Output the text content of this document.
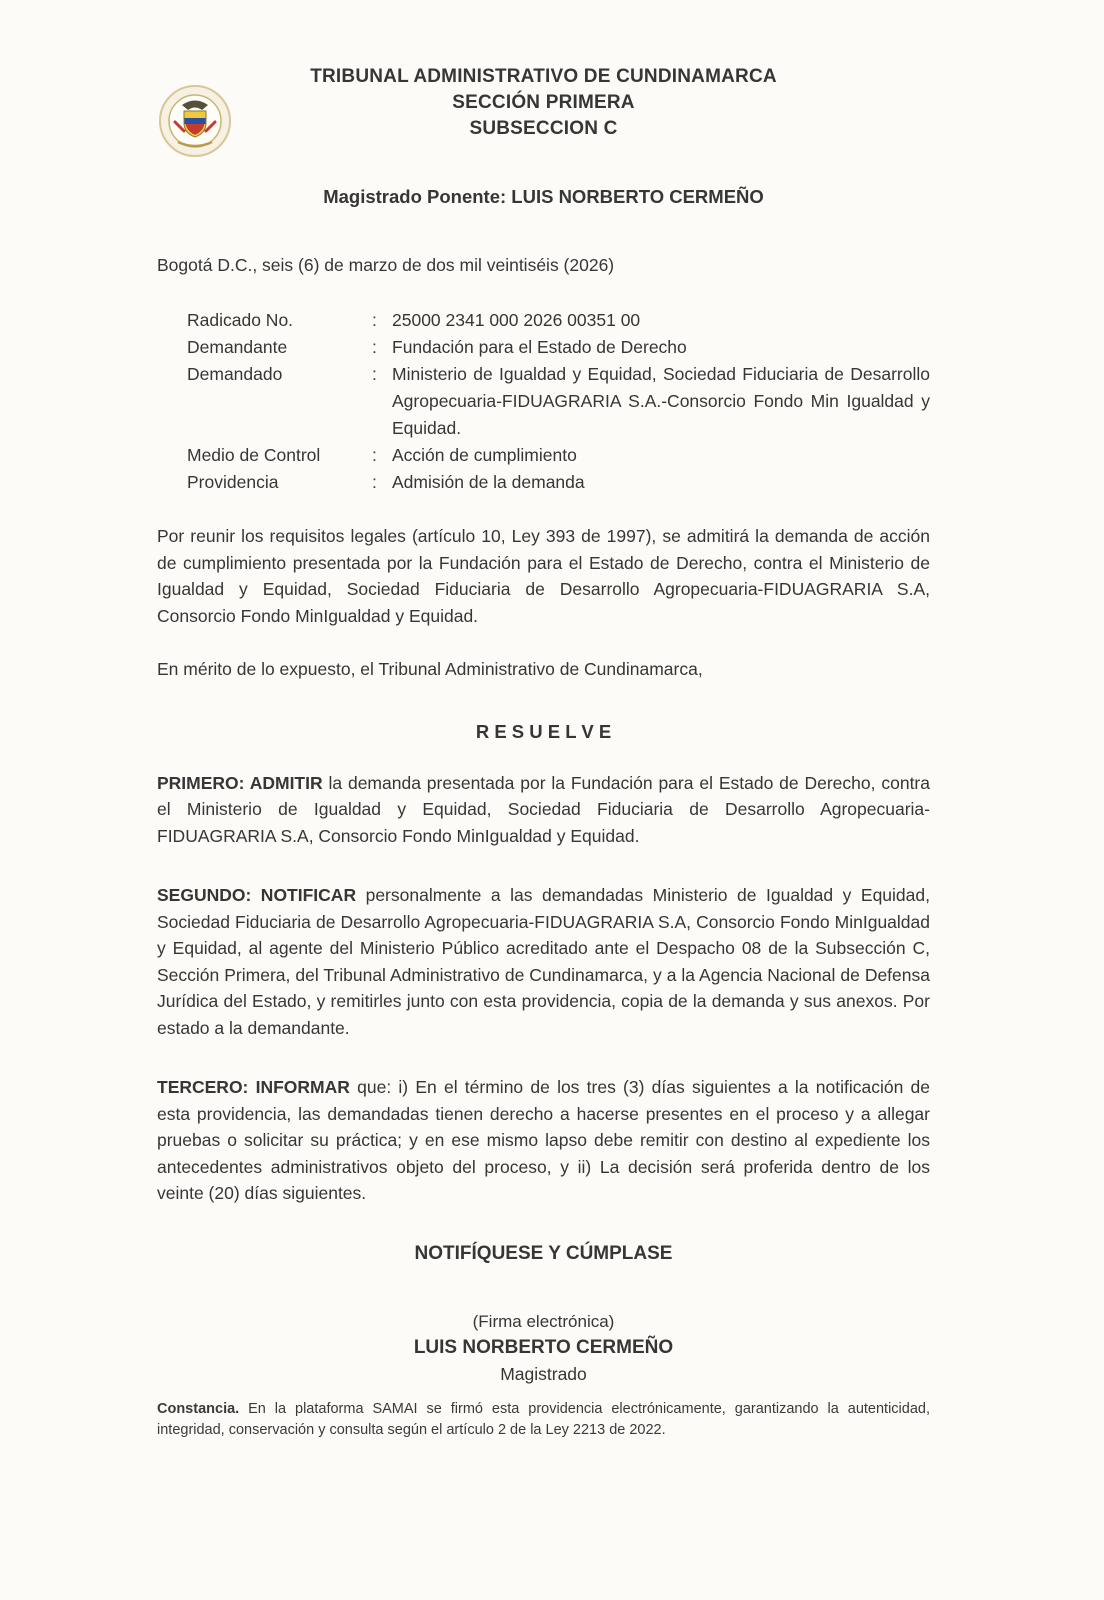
TRIBUNAL ADMINISTRATIVO DE CUNDINAMARCA
SECCIÓN PRIMERA
SUBSECCION C
Magistrado Ponente: LUIS NORBERTO CERMEÑO

Bogotá D.C., seis (6) de marzo de dos mil veintiséis (2026)

Radicado No.	: 25000 2341 000 2026 00351 00
Demandante	: Fundación para el Estado de Derecho
Demandado	: Ministerio de Igualdad y Equidad, Sociedad Fiduciaria de Desarrollo Agropecuaria-FIDUAGRARIA S.A.-Consorcio Fondo Min Igualdad y Equidad.
Medio de Control	: Acción de cumplimiento
Providencia	: Admisión de la demanda

Por reunir los requisitos legales (artículo 10, Ley 393 de 1997), se admitirá la demanda de acción de cumplimiento presentada por la Fundación para el Estado de Derecho, contra el Ministerio de Igualdad y Equidad, Sociedad Fiduciaria de Desarrollo Agropecuaria-FIDUAGRARIA S.A, Consorcio Fondo MinIgualdad y Equidad.

En mérito de lo expuesto, el Tribunal Administrativo de Cundinamarca,

R E S U E L V E

PRIMERO: ADMITIR la demanda presentada por la Fundación para el Estado de Derecho, contra el Ministerio de Igualdad y Equidad, Sociedad Fiduciaria de Desarrollo Agropecuaria-FIDUAGRARIA S.A, Consorcio Fondo MinIgualdad y Equidad.

SEGUNDO: NOTIFICAR personalmente a las demandadas Ministerio de Igualdad y Equidad, Sociedad Fiduciaria de Desarrollo Agropecuaria-FIDUAGRARIA S.A, Consorcio Fondo MinIgualdad y Equidad, al agente del Ministerio Público acreditado ante el Despacho 08 de la Subsección C, Sección Primera, del Tribunal Administrativo de Cundinamarca, y a la Agencia Nacional de Defensa Jurídica del Estado, y remitirles junto con esta providencia, copia de la demanda y sus anexos. Por estado a la demandante.

TERCERO: INFORMAR que: i) En el término de los tres (3) días siguientes a la notificación de esta providencia, las demandadas tienen derecho a hacerse presentes en el proceso y a allegar pruebas o solicitar su práctica; y en ese mismo lapso debe remitir con destino al expediente los antecedentes administrativos objeto del proceso, y ii) La decisión será proferida dentro de los veinte (20) días siguientes.

NOTIFÍQUESE Y CÚMPLASE
(Firma electrónica)
LUIS NORBERTO CERMEÑO
Magistrado
Constancia. En la plataforma SAMAI se firmó esta providencia electrónicamente, garantizando la autenticidad, integridad, conservación y consulta según el artículo 2 de la Ley 2213 de 2022.
